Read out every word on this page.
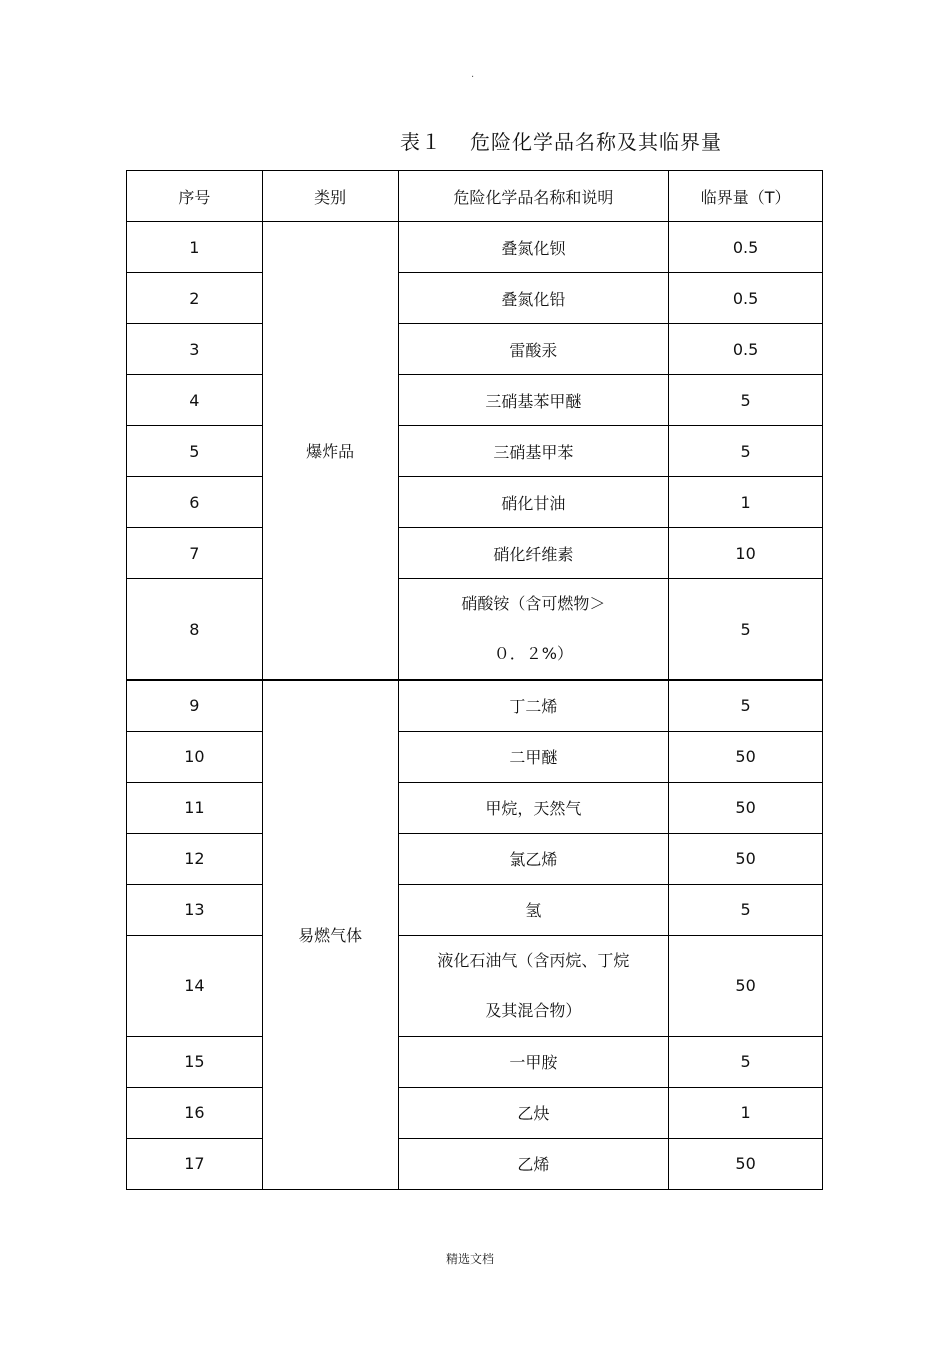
·
表１ 危险化学品名称及其临界量
序号	类别	危险化学品名称和说明	临界量（T）
1	爆炸品	叠氮化钡	0.5
2		叠氮化铅	0.5
3		雷酸汞	0.5
4		三硝基苯甲醚	5
5		三硝基甲苯	5
6		硝化甘油	1
7		硝化纤维素	10
8		硝酸铵（含可燃物＞
０．２%）	5
9	易燃气体	丁二烯	5
10		二甲醚	50
11		甲烷，天然气	50
12		氯乙烯	50
13		氢	5
14		液化石油气（含丙烷、丁烷
及其混合物）	50
15		一甲胺	5
16		乙炔	1
17		乙烯	50
精选文档
